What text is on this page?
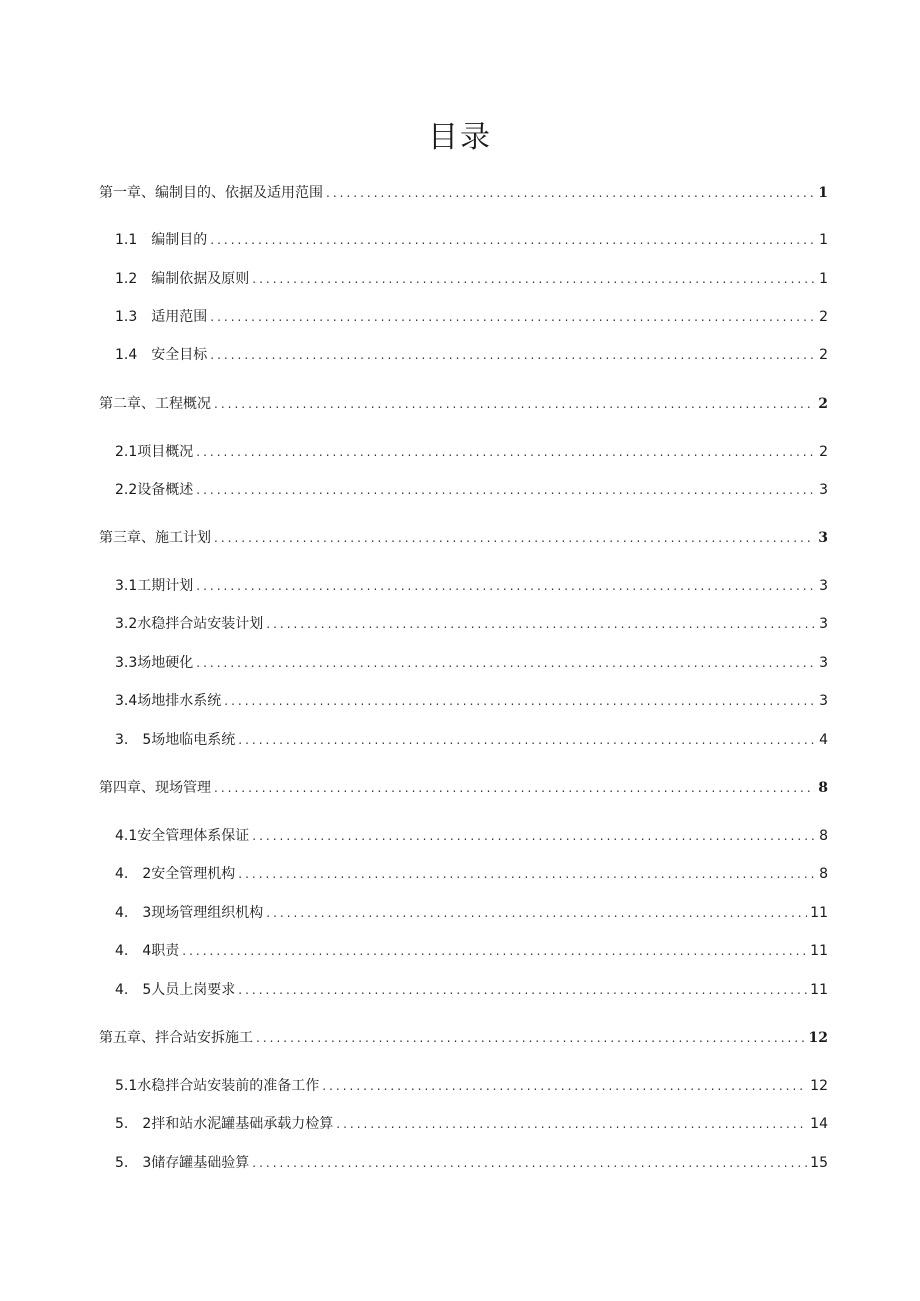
目录
第一章、编制目的、依据及适用范围 .....	1
1.1　编制目的 .....	1
1.2　编制依据及原则 .....	1
1.3　适用范围 .....	2
1.4　安全目标 .....	2
第二章、工程概况 .....	2
2.1项目概况 .....	2
2.2设备概述 .....	3
第三章、施工计划 .....	3
3.1工期计划 .....	3
3.2水稳拌合站安装计划 .....	3
3.3场地硬化 .....	3
3.4场地排水系统 .....	3
3.　5场地临电系统 .....	4
第四章、现场管理 .....	8
4.1安全管理体系保证 .....	8
4.　2安全管理机构 .....	8
4.　3现场管理组织机构 .....	11
4.　4职责 .....	11
4.　5人员上岗要求 .....	11
第五章、拌合站安拆施工 .....	12
5.1水稳拌合站安装前的准备工作 .....	12
5.　2拌和站水泥罐基础承载力检算 .....	14
5.　3储存罐基础验算 .....	15
